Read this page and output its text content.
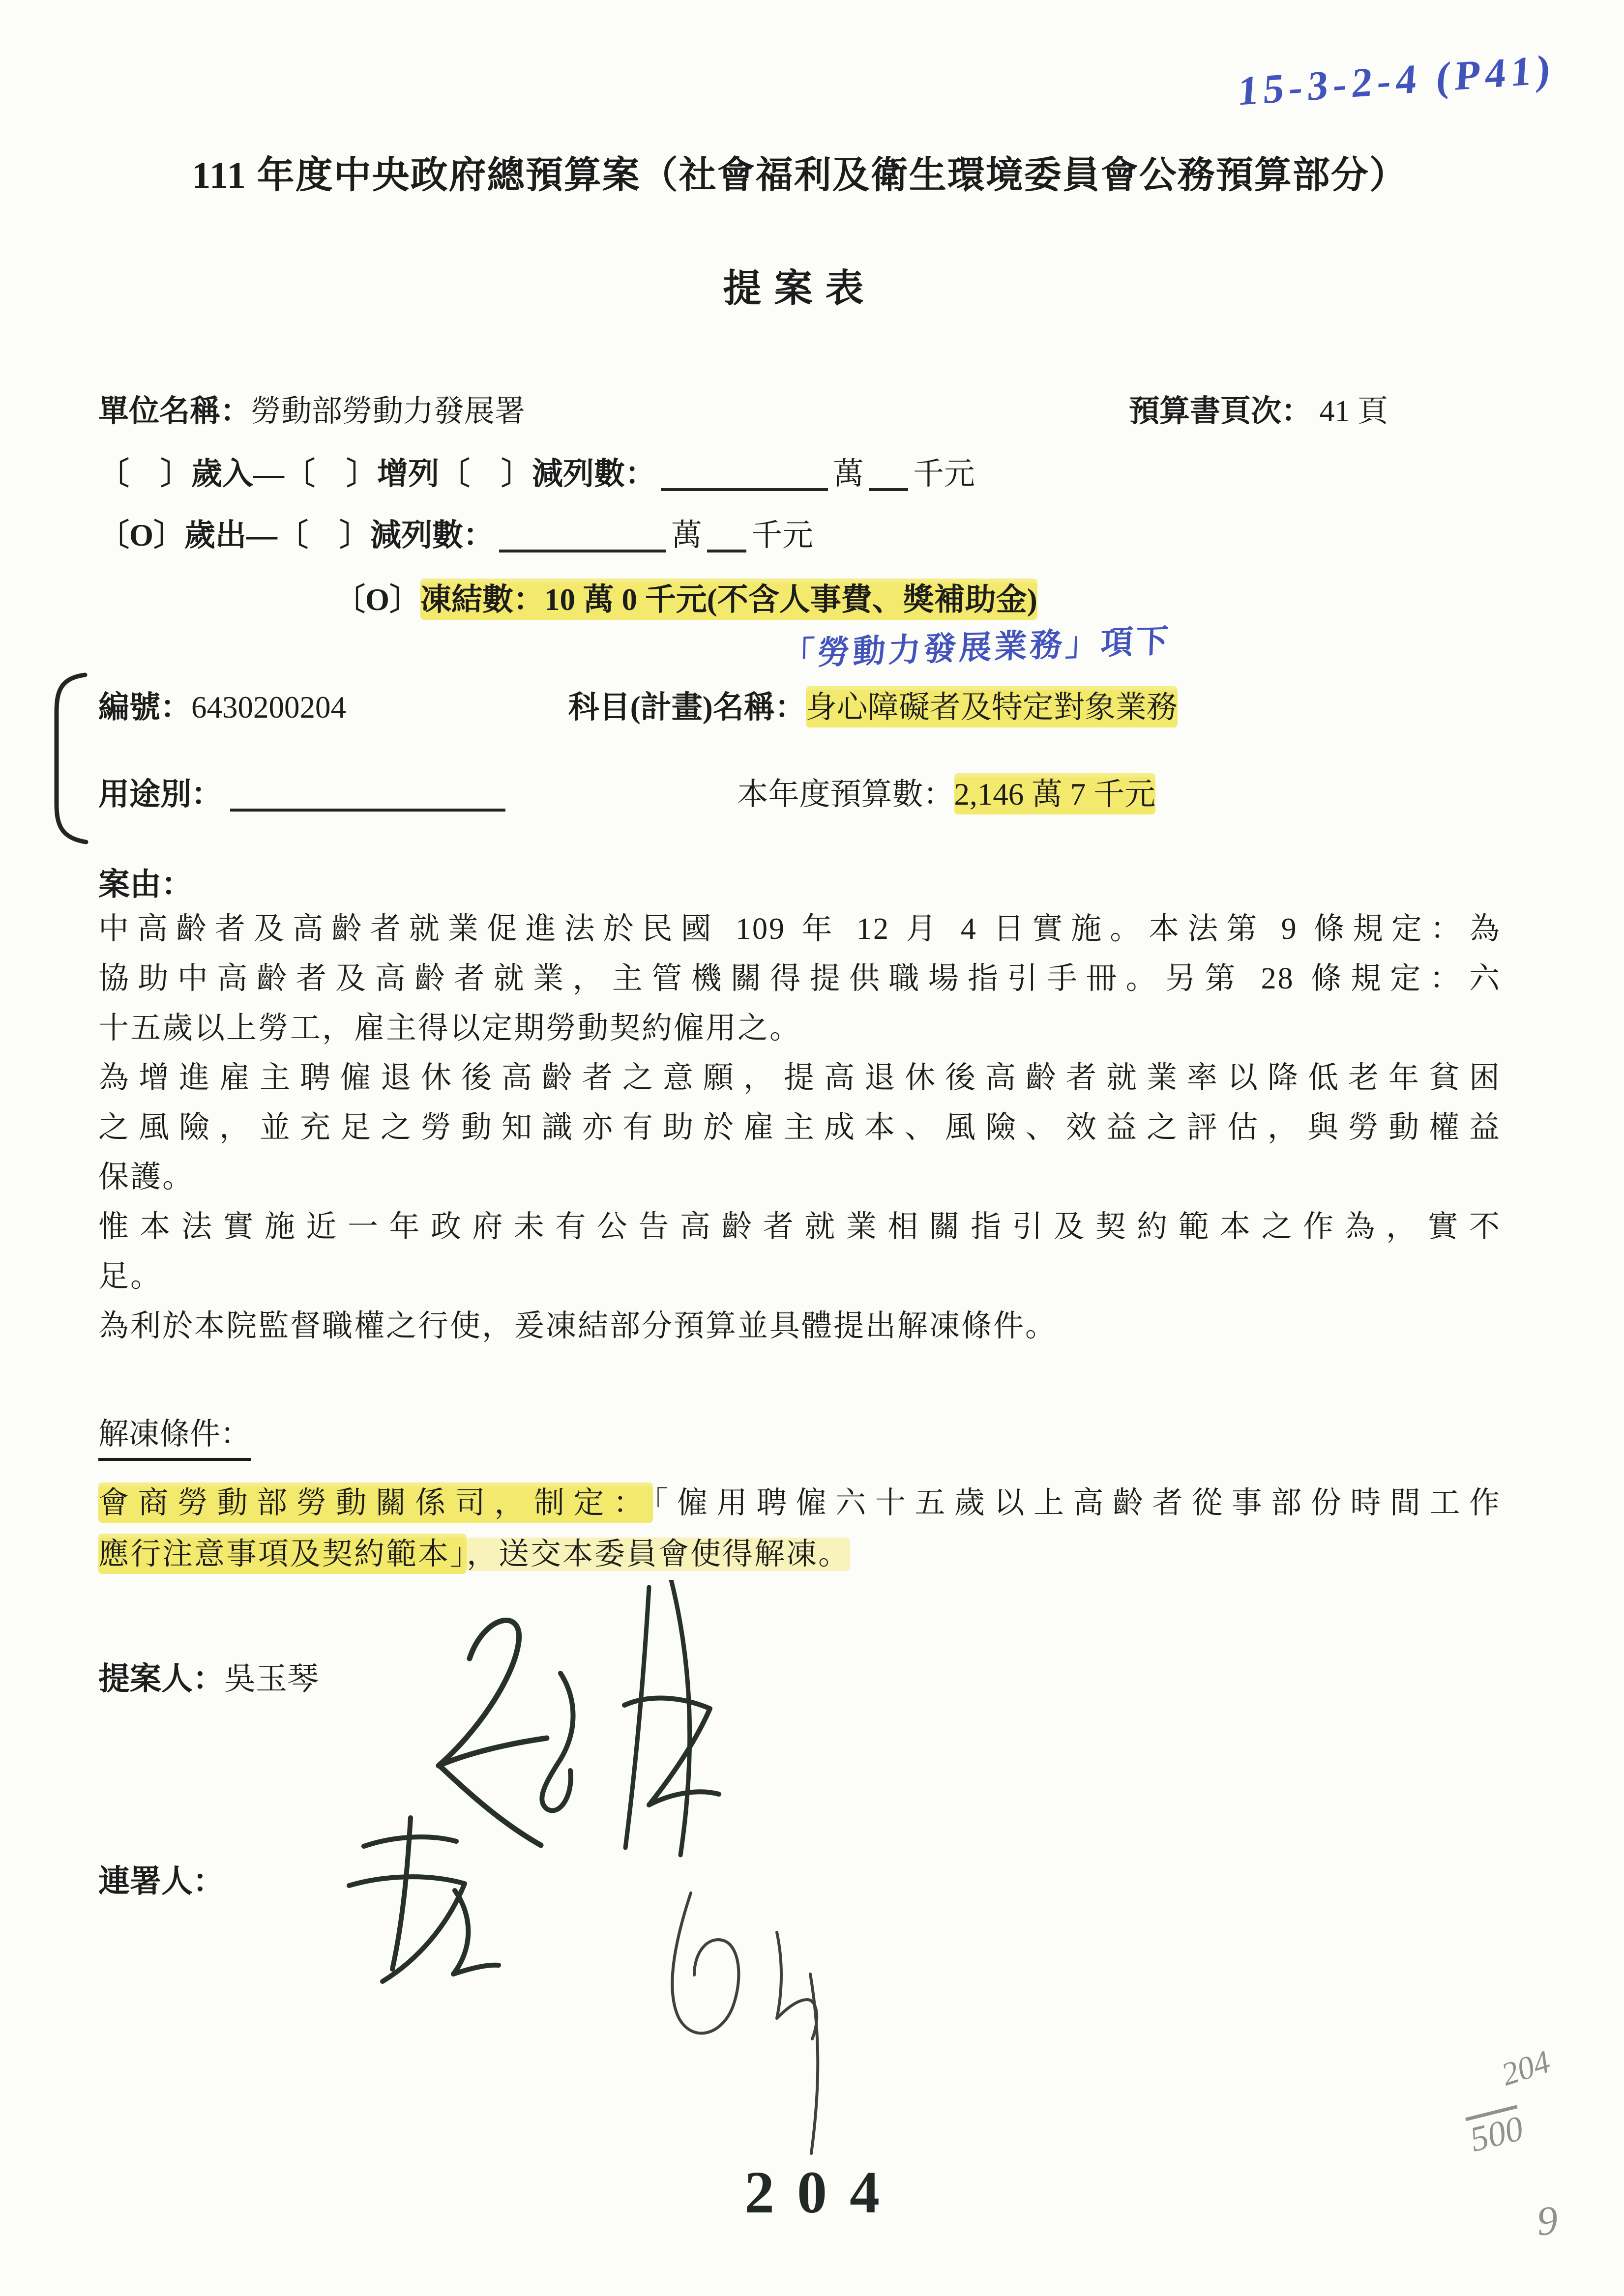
15-3-2-4 (P41)
111 年度中央政府總預算案（社會福利及衛生環境委員會公務預算部分）
提案表
單位名稱： 勞動部勞動力發展署	預算書頁次： 41 頁
〔　〕歲入—〔　〕增列〔　〕減列數：	萬 千元
〔O〕歲出—〔　〕減列數：	萬 千元
〔O〕凍結數：10 萬 0 千元(不含人事費、獎補助金)
「勞動力發展業務」項下
編號：6430200204	科目(計畫)名稱：身心障礙者及特定對象業務
用途別：	本年度預算數：2,146 萬 7 千元
案由：
中高齡者及高齡者就業促進法於民國 109 年 12 月 4 日實施。本法第 9 條規定：為
協助中高齡者及高齡者就業，主管機關得提供職場指引手冊。另第 28 條規定：六
十五歲以上勞工，雇主得以定期勞動契約僱用之。
為增進雇主聘僱退休後高齡者之意願，提高退休後高齡者就業率以降低老年貧困
之風險，並充足之勞動知識亦有助於雇主成本、風險、效益之評估，與勞動權益
保護。
惟本法實施近一年政府未有公告高齡者就業相關指引及契約範本之作為，實不
足。
為利於本院監督職權之行使，爰凍結部分預算並具體提出解凍條件。
解凍條件：
會商勞動部勞動關係司，制定：「僱用聘僱六十五歲以上高齡者從事部份時間工作
應行注意事項及契約範本」，送交本委員會使得解凍。
提案人：吳玉琴
連署人：
204
204
500
9
